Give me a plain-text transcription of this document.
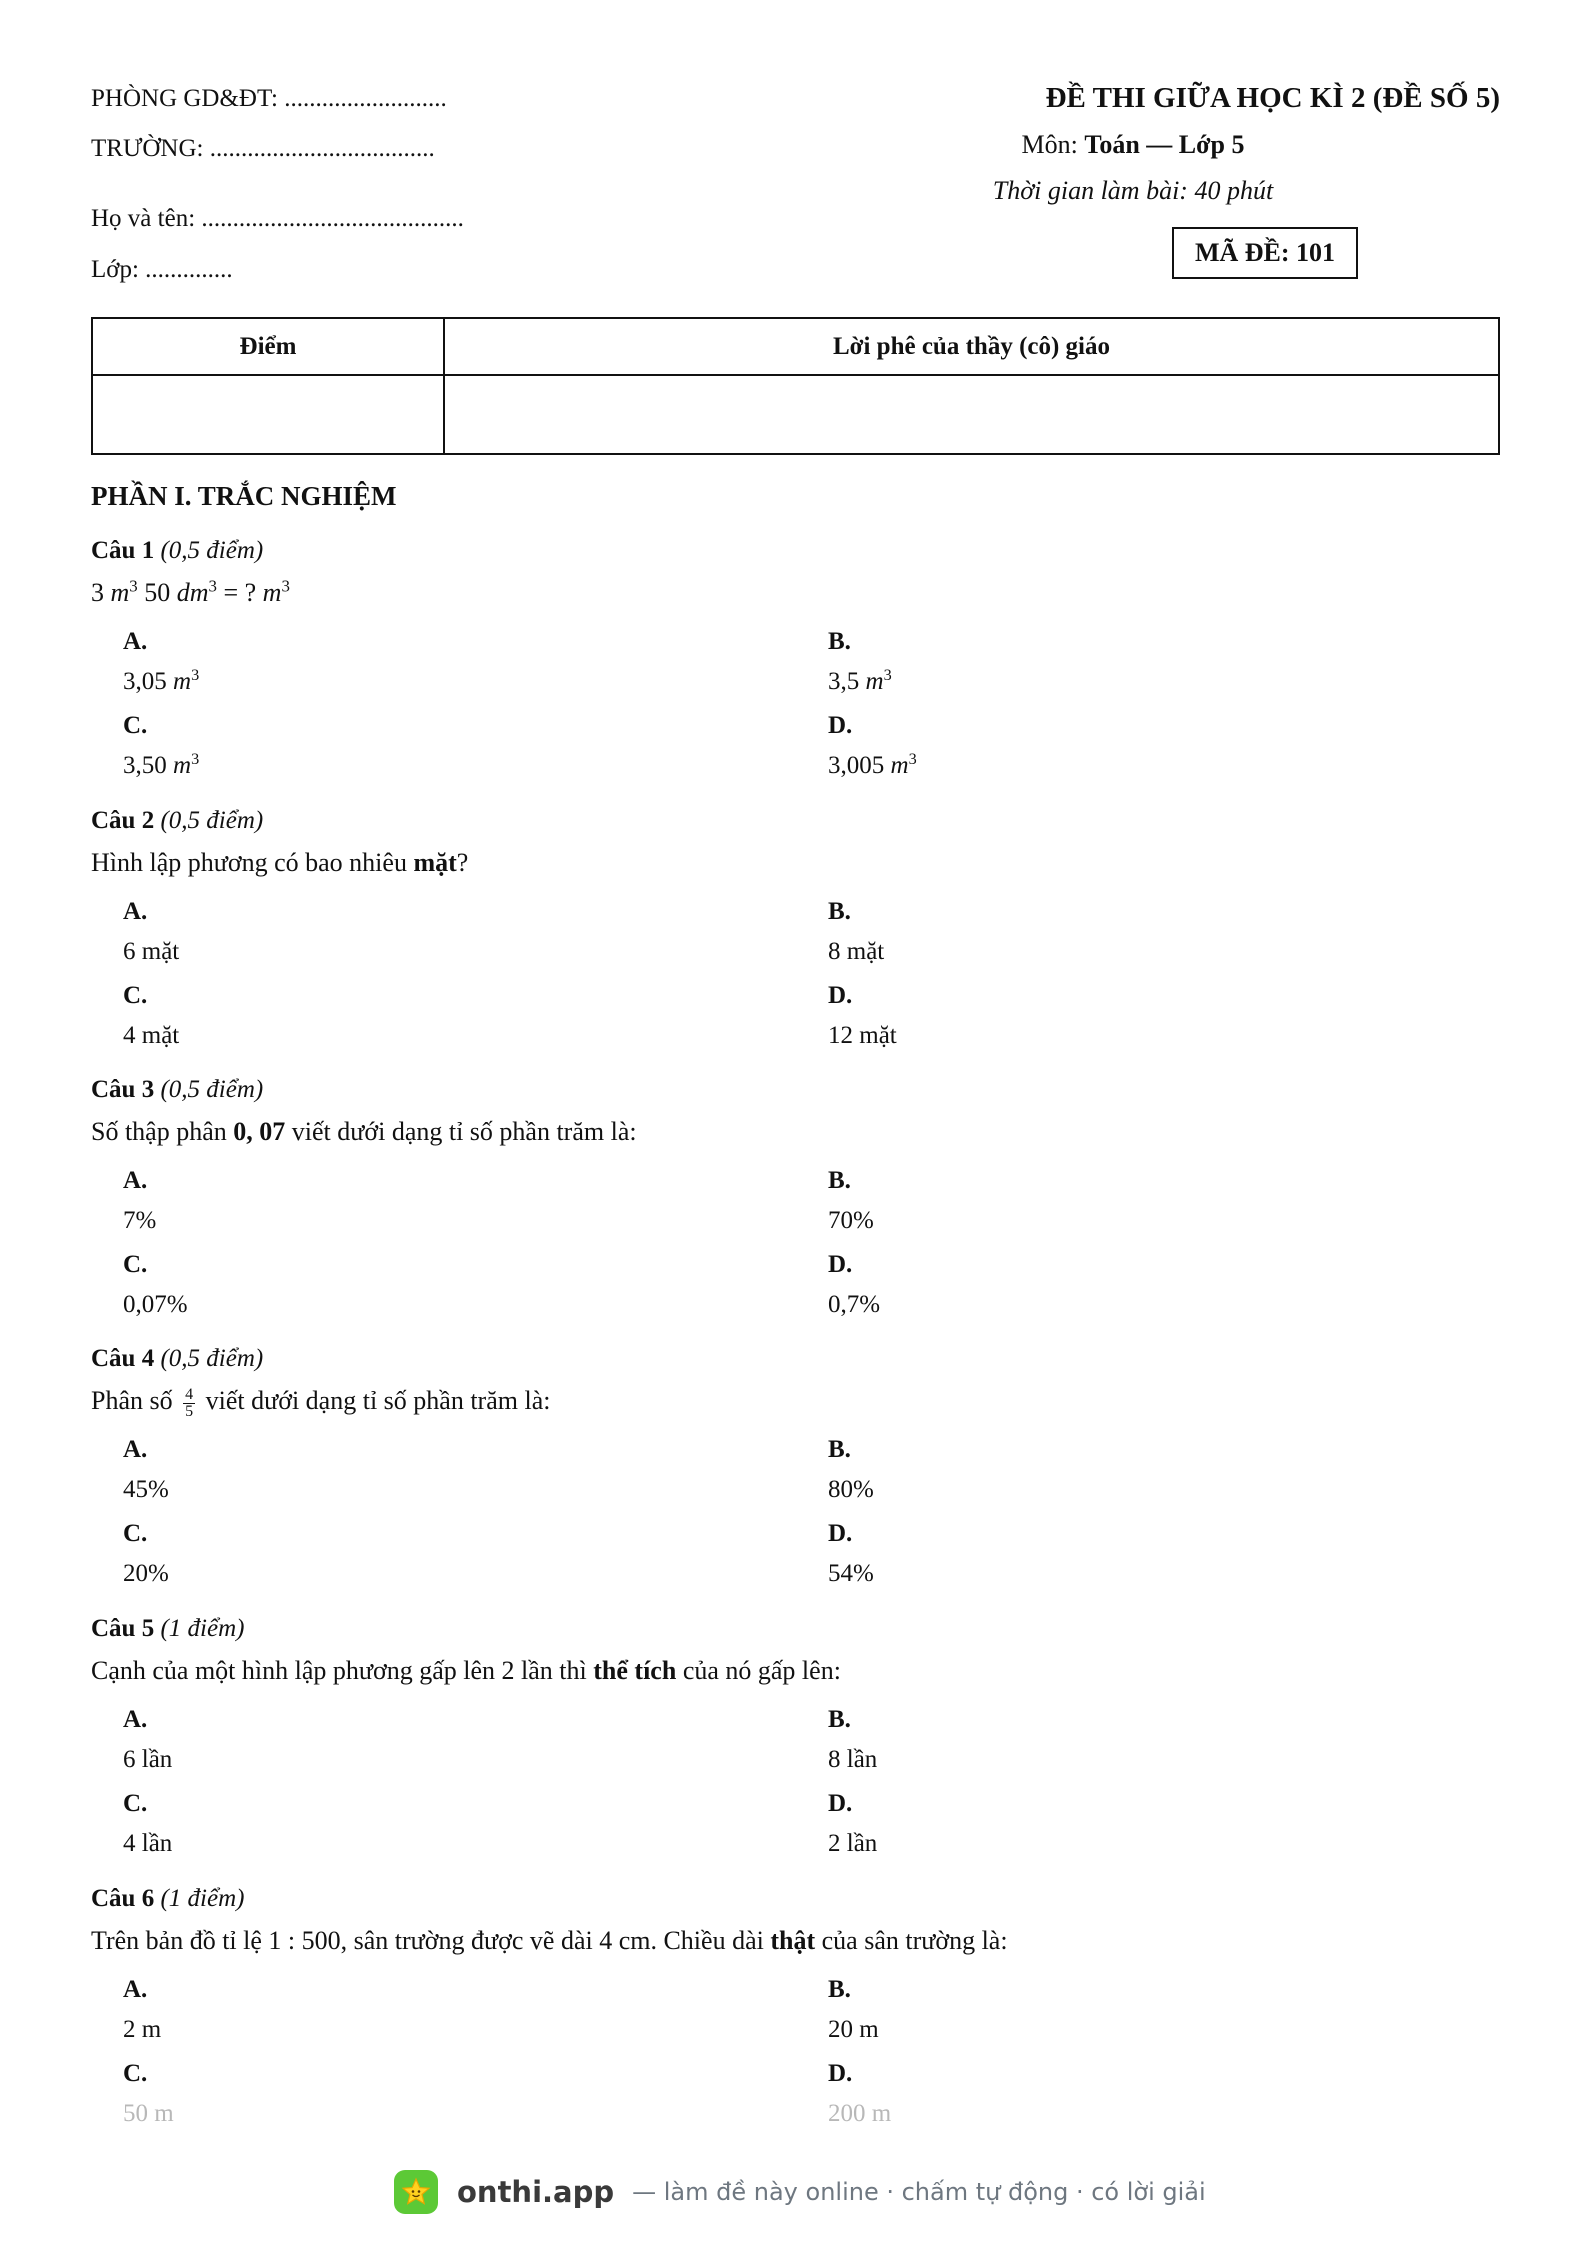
PHÒNG GD&ĐT: ..........................
TRƯỜNG: ....................................
Họ và tên: ..........................................
Lớp: ..............
ĐỀ THI GIỮA HỌC KÌ 2 (ĐỀ SỐ 5)
Môn: Toán — Lớp 5
Thời gian làm bài: 40 phút
MÃ ĐỀ: 101
Điểm	Lời phê của thầy (cô) giáo
PHẦN I. TRẮC NGHIỆM
Câu 1 (0,5 điểm)
3 $m^3$ 50 $dm^3$ = ? $m^3$
A.
3,05 $m^3$
B.
3,5 $m^3$
C.
3,50 $m^3$
D.
3,005 $m^3$
Câu 2 (0,5 điểm)
Hình lập phương có bao nhiêu mặt?
A.
6 mặt
B.
8 mặt
C.
4 mặt
D.
12 mặt
Câu 3 (0,5 điểm)
Số thập phân 0, 07 viết dưới dạng tỉ số phần trăm là:
A.
7%
B.
70%
C.
0,07%
D.
0,7%
Câu 4 (0,5 điểm)
Phân số $\frac{4}{5}$ viết dưới dạng tỉ số phần trăm là:
A.
45%
B.
80%
C.
20%
D.
54%
Câu 5 (1 điểm)
Cạnh của một hình lập phương gấp lên 2 lần thì thể tích của nó gấp lên:
A.
6 lần
B.
8 lần
C.
4 lần
D.
2 lần
Câu 6 (1 điểm)
Trên bản đồ tỉ lệ 1 : 500, sân trường được vẽ dài 4 cm. Chiều dài thật của sân trường là:
A.
2 m
B.
20 m
C.
50 m
D.
200 m
onthi.app — làm đề này online · chấm tự động · có lời giải
